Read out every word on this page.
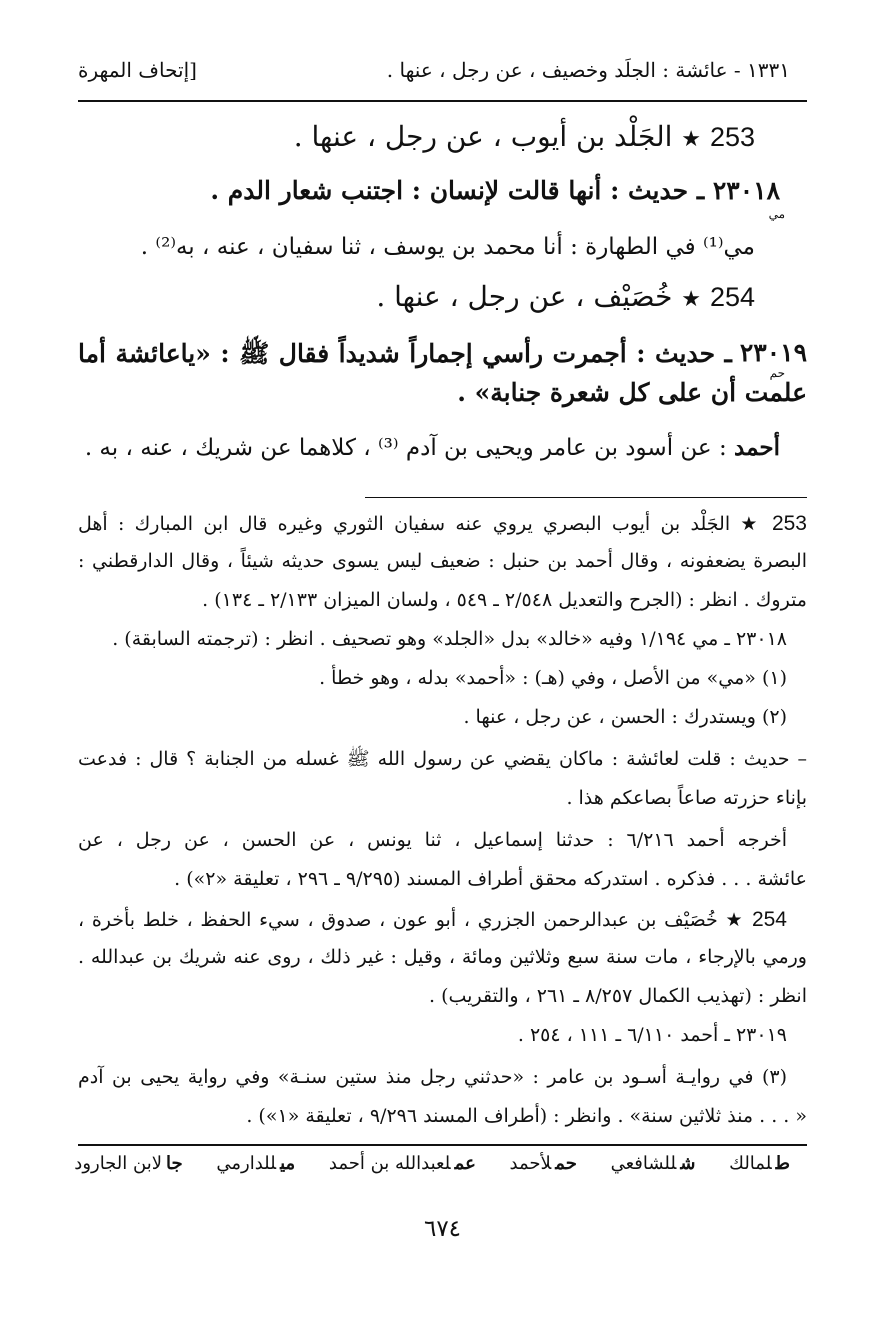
١٣٣١ - عائشة : الجلَد وخصيف ، عن رجل ، عنها .
[إتحاف المهرة
253 ★ الجَلْد بن أيوب ، عن رجل ، عنها .
٢٣٠١٨ ـ حديث : أنها قالت لإنسان : اجتنب شعار الدم .
مي
مي⁽¹⁾ في الطهارة : أنا محمد بن يوسف ، ثنا سفيان ، عنه ، به⁽²⁾ .
254 ★ خُصَيْف ، عن رجل ، عنها .
٢٣٠١٩
ـ حديث : أجمرت رأسي إجماراً شديداً فقال ﷺ : «ياعائشة أما
حم
علمت أن على كل شعرة جنابة» .
أحمد : عن أسود بن عامر ويحيى بن آدم ⁽³⁾ ، كلاهما عن شريك ، عنه ، به .
253 ★ الجَلْد بن أيوب البصري يروي عنه سفيان الثوري وغيره قال ابن المبارك : أهل
البصرة يضعفونه ، وقال أحمد بن حنبل : ضعيف ليس يسوى حديثه شيئاً ، وقال الدارقطني :
متروك . انظر : (الجرح والتعديل ٢/٥٤٨ ـ ٥٤٩ ، ولسان الميزان ٢/١٣٣ ـ ١٣٤) .
٢٣٠١٨ ـ مي ١/١٩٤ وفيه «خالد» بدل «الجلد» وهو تصحيف . انظر : (ترجمته السابقة) .
(١) «مي» من الأصل ، وفي (هـ) : «أحمد» بدله ، وهو خطأ .
(٢) ويستدرك : الحسن ، عن رجل ، عنها .
– حديث : قلت لعائشة : ماكان يقضي عن رسول الله ﷺ غسله من الجنابة ؟ قال : فدعت
بإناء حزرته صاعاً بصاعكم هذا .
أخرجه أحمد ٦/٢١٦ : حدثنا إسماعيل ، ثنا يونس ، عن الحسن ، عن رجل ، عن
عائشة . . . فذكره . استدركه محقق أطراف المسند (٩/٢٩٥ ـ ٢٩٦ ، تعليقة «٢») .
254 ★ خُصَيْف بن عبدالرحمن الجزري ، أبو عون ، صدوق ، سيء الحفظ ، خلط بأخرة ،
ورمي بالإرجاء ، مات سنة سبع وثلاثين ومائة ، وقيل : غير ذلك ، روى عنه شريك بن عبدالله .
انظر : (تهذيب الكمال ٨/٢٥٧ ـ ٢٦١ ، والتقريب) .
٢٣٠١٩ ـ أحمد ٦/١١٠ ـ ١١١ ، ٢٥٤ .
(٣) في روايـة أسـود بن عامر : «حدثني رجل منذ ستين سنـة» وفي رواية يحيى بن آدم
« . . . منذ ثلاثين سنة» . وانظر : (أطراف المسند ٩/٢٩٦ ، تعليقة «١») .
طلمالك شللشافعي حملأحمد عملعبدالله بن أحمد ميللدارمي جالابن الجارود
٦٧٤
